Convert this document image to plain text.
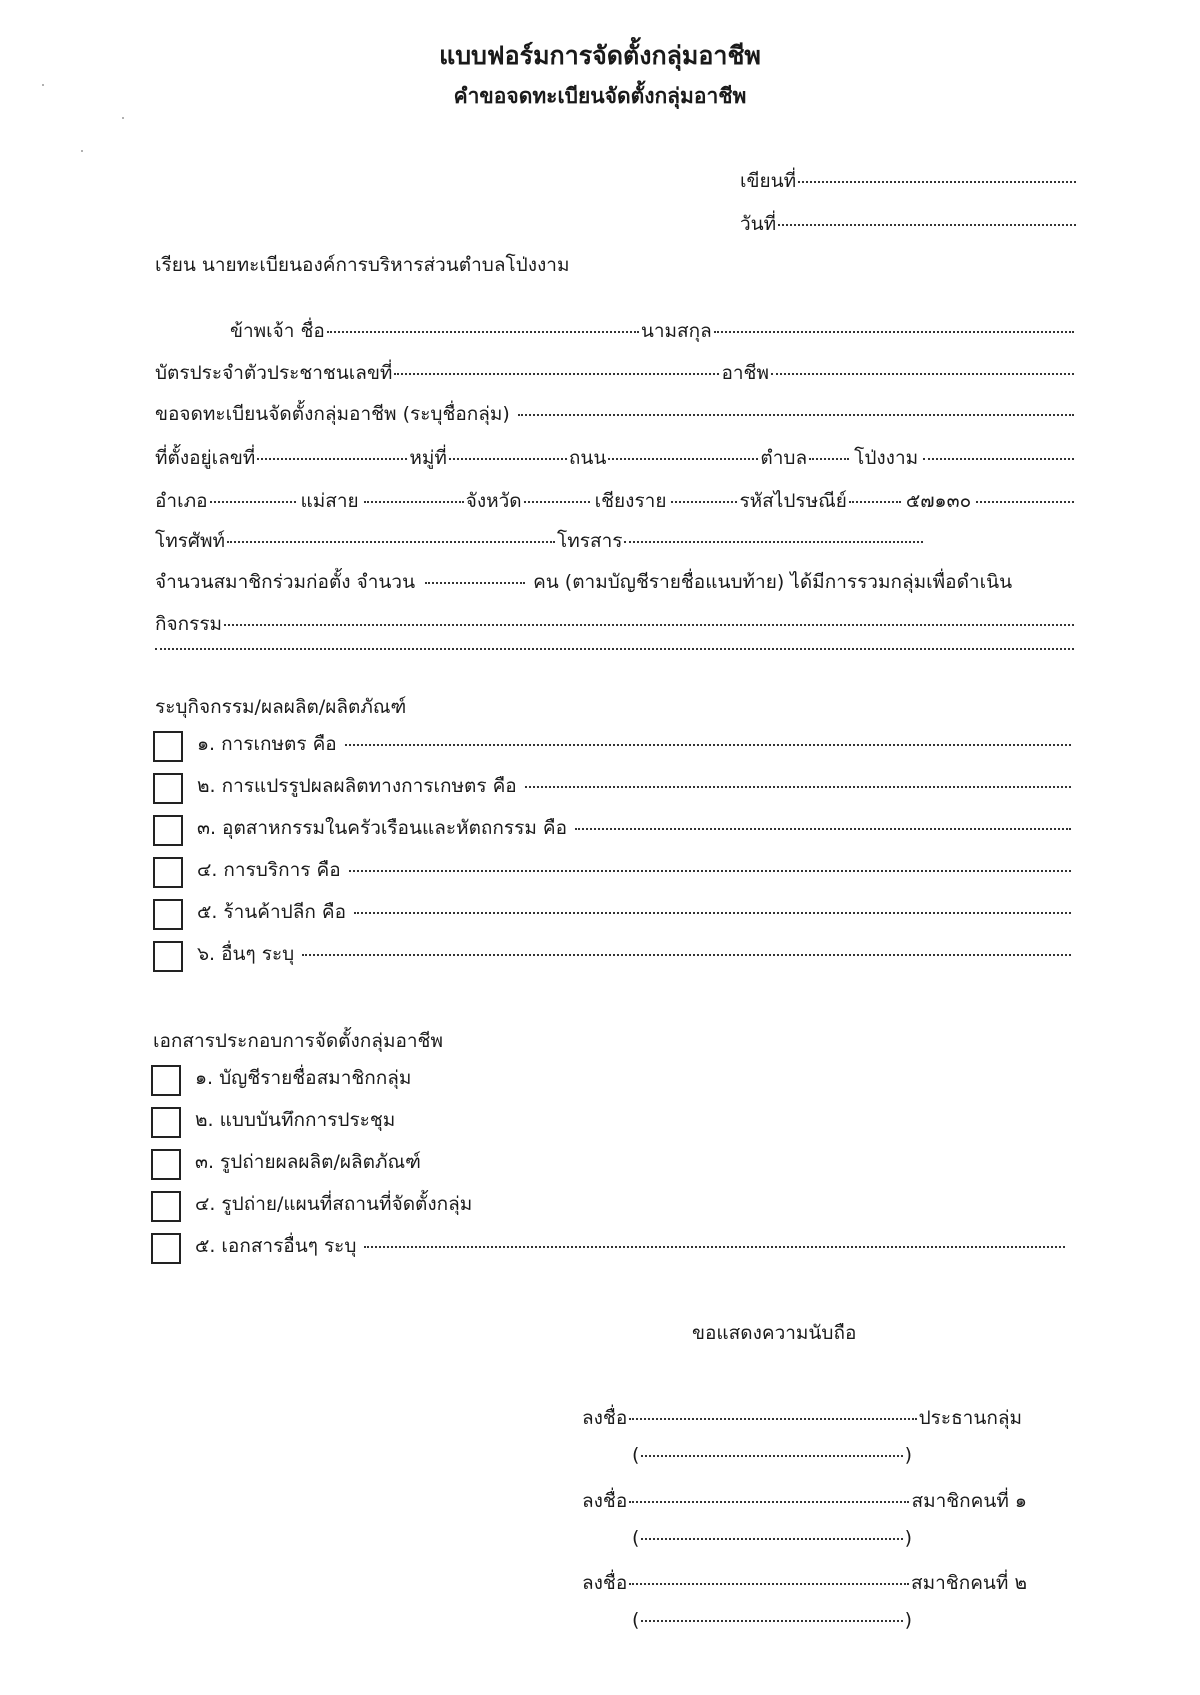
แบบฟอร์มการจัดตั้งกลุ่มอาชีพ
คำขอจดทะเบียนจัดตั้งกลุ่มอาชีพ
เขียนที่
วันที่
เรียน นายทะเบียนองค์การบริหารส่วนตำบลโป่งงาม
ข้าพเจ้า ชื่อ	นามสกุล
บัตรประจำตัวประชาชนเลขที่	อาชีพ
ขอจดทะเบียนจัดตั้งกลุ่มอาชีพ (ระบุชื่อกลุ่ม)
ที่ตั้งอยู่เลขที่	หมู่ที่	ถนน	ตำบล โป่งงาม
อำเภอ	แม่สาย	จังหวัด	เชียงราย	รหัสไปรษณีย์	๕๗๑๓๐
โทรศัพท์	โทรสาร
จำนวนสมาชิกร่วมก่อตั้ง จำนวน	คน (ตามบัญชีรายชื่อแนบท้าย) ได้มีการรวมกลุ่มเพื่อดำเนิน
กิจกรรม
ระบุกิจกรรม/ผลผลิต/ผลิตภัณฑ์
๑. การเกษตร คือ
๒. การแปรรูปผลผลิตทางการเกษตร คือ
๓. อุตสาหกรรมในครัวเรือนและหัตถกรรม คือ
๔. การบริการ คือ
๕. ร้านค้าปลีก คือ
๖. อื่นๆ ระบุ
เอกสารประกอบการจัดตั้งกลุ่มอาชีพ
๑. บัญชีรายชื่อสมาชิกกลุ่ม
๒. แบบบันทึกการประชุม
๓. รูปถ่ายผลผลิต/ผลิตภัณฑ์
๔. รูปถ่าย/แผนที่สถานที่จัดตั้งกลุ่ม
๕. เอกสารอื่นๆ ระบุ
ขอแสดงความนับถือ
ลงชื่อ	ประธานกลุ่ม
(	)
ลงชื่อ	สมาชิกคนที่ ๑
(	)
ลงชื่อ	สมาชิกคนที่ ๒
(	)
